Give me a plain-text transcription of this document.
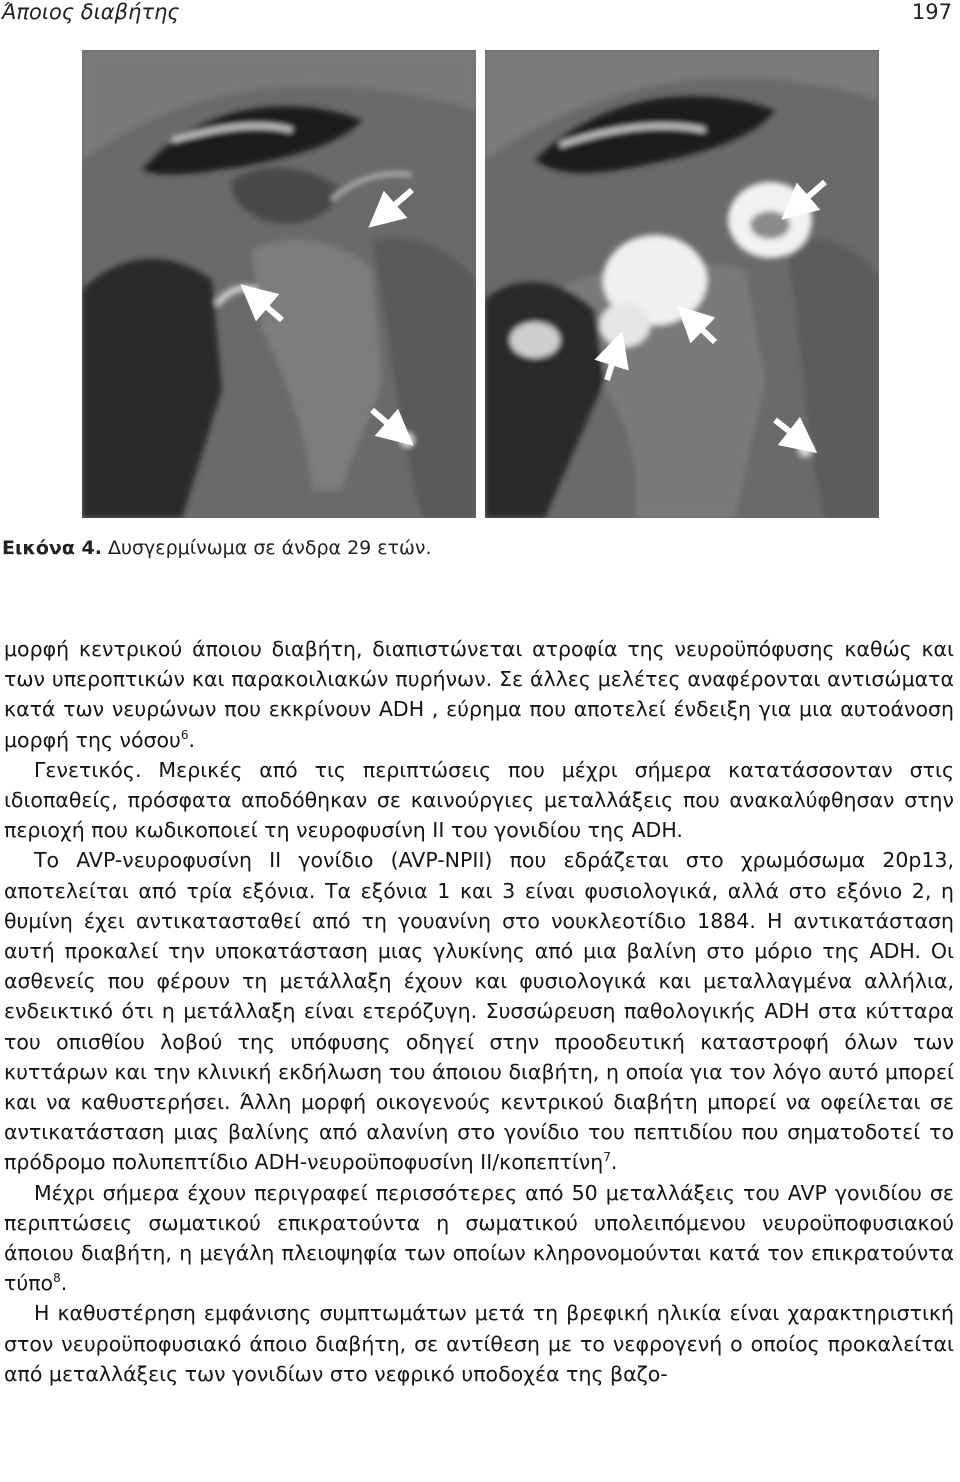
Άποιος διαβήτης	197
Εικόνα 4. Δυσγερμίνωμα σε άνδρα 29 ετών.

μορφή κεντρικού άποιου διαβήτη, διαπιστώνεται ατροφία της νευροϋπόφυσης καθώς και των υπεροπτικών και παρακοιλιακών πυρήνων. Σε άλλες μελέτες αναφέρονται αντισώματα κατά των νευρώνων που εκκρίνουν ADH , εύρημα που αποτελεί ένδειξη για μια αυτοάνοση μορφή της νόσου$^6$.

Γενετικός. Μερικές από τις περιπτώσεις που μέχρι σήμερα κατατάσσονταν στις ιδιοπαθείς, πρόσφατα αποδόθηκαν σε καινούργιες μεταλλάξεις που ανακαλύφθησαν στην περιοχή που κωδικοποιεί τη νευροφυσίνη ΙΙ του γονιδίου της ADH.

Το AVP-νευροφυσίνη ΙΙ γονίδιο (AVP-NPII) που εδράζεται στο χρωμόσωμα 20p13, αποτελείται από τρία εξόνια. Τα εξόνια 1 και 3 είναι φυσιολογικά, αλλά στο εξόνιο 2, η θυμίνη έχει αντικατασταθεί από τη γουανίνη στο νουκλεοτίδιο 1884. Η αντικατάσταση αυτή προκαλεί την υποκατάσταση μιας γλυκίνης από μια βαλίνη στο μόριο της ADH. Οι ασθενείς που φέρουν τη μετάλλαξη έχουν και φυσιολογικά και μεταλλαγμένα αλλήλια, ενδεικτικό ότι η μετάλλαξη είναι ετερόζυγη. Συσσώρευση παθολογικής ADH στα κύτταρα του οπισθίου λοβού της υπόφυσης οδηγεί στην προοδευτική καταστροφή όλων των κυττάρων και την κλινική εκδήλωση του άποιου διαβήτη, η οποία για τον λόγο αυτό μπορεί και να καθυστερήσει. Άλλη μορφή οικογενούς κεντρικού διαβήτη μπορεί να οφείλεται σε αντικατάσταση μιας βαλίνης από αλανίνη στο γονίδιο του πεπτιδίου που σηματοδοτεί το πρόδρομο πολυπεπτίδιο ADH-νευροϋποφυσίνη ΙΙ/κοπεπτίνη$^7$.

Μέχρι σήμερα έχουν περιγραφεί περισσότερες από 50 μεταλλάξεις του AVP γονιδίου σε περιπτώσεις σωματικού επικρατούντα η σωματικού υπολειπόμενου νευροϋποφυσιακού άποιου διαβήτη, η μεγάλη πλειοψηφία των οποίων κληρονομούνται κατά τον επικρατούντα τύπο$^8$.

Η καθυστέρηση εμφάνισης συμπτωμάτων μετά τη βρεφική ηλικία είναι χαρακτηριστική στον νευροϋποφυσιακό άποιο διαβήτη, σε αντίθεση με το νεφρογενή ο οποίος προκαλείται από μεταλλάξεις των γονιδίων στο νεφρικό υποδοχέα της βαζο-
